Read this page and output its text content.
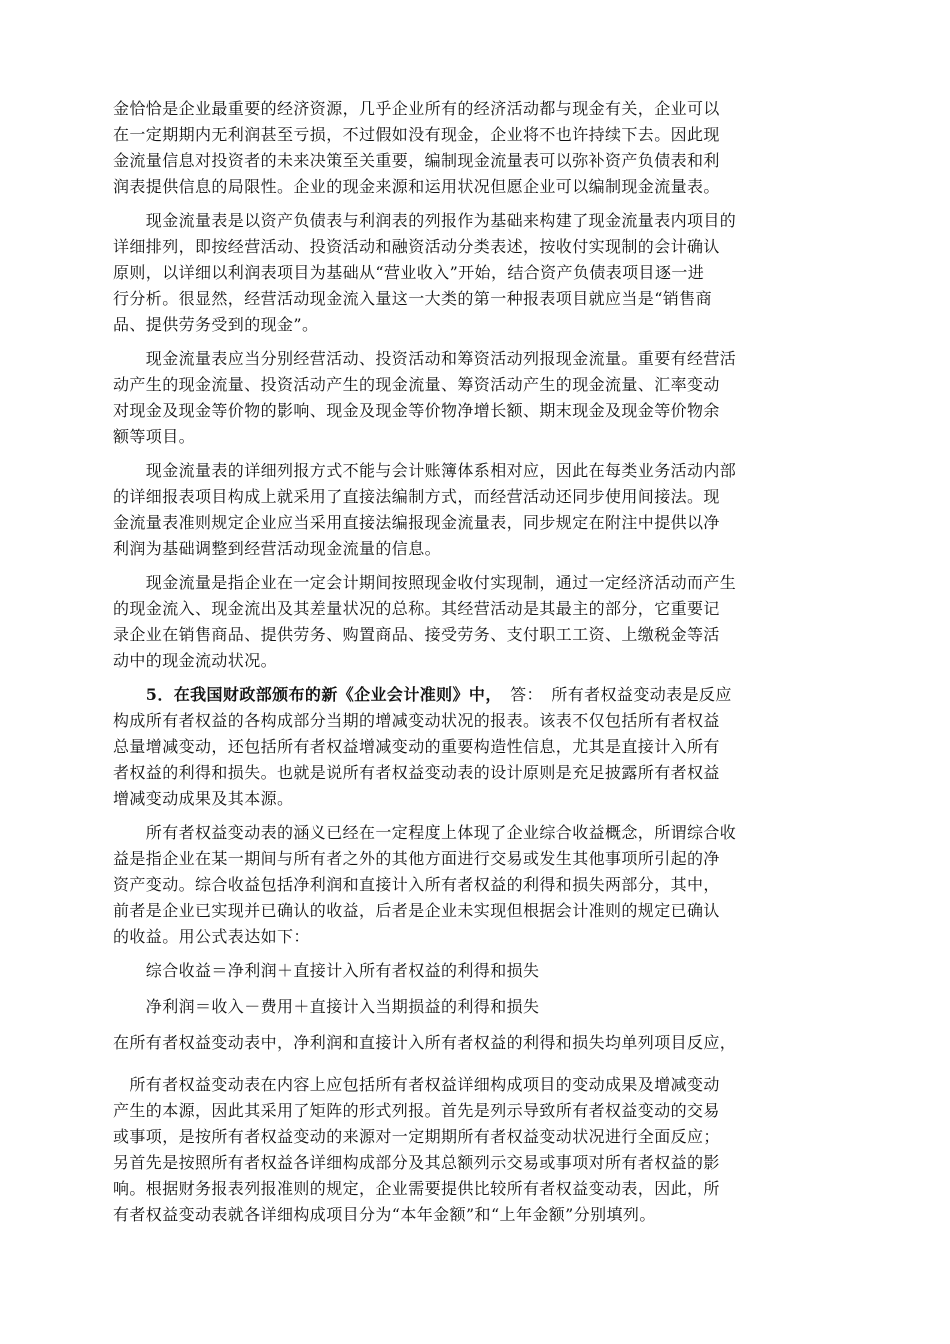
金恰恰是企业最重要的经济资源，几乎企业所有的经济活动都与现金有关，企业可以
在一定期期内无利润甚至亏损，不过假如没有现金，企业将不也许持续下去。因此现
金流量信息对投资者的未来决策至关重要，编制现金流量表可以弥补资产负债表和利
润表提供信息的局限性。企业的现金来源和运用状况但愿企业可以编制现金流量表。
　　现金流量表是以资产负债表与利润表的列报作为基础来构建了现金流量表内项目的
详细排列，即按经营活动、投资活动和融资活动分类表述，按收付实现制的会计确认
原则，以详细以利润表项目为基础从“营业收入”开始，结合资产负债表项目逐一进
行分析。很显然，经营活动现金流入量这一大类的第一种报表项目就应当是“销售商
品、提供劳务受到的现金”。
　　现金流量表应当分别经营活动、投资活动和筹资活动列报现金流量。重要有经营活
动产生的现金流量、投资活动产生的现金流量、筹资活动产生的现金流量、汇率变动
对现金及现金等价物的影响、现金及现金等价物净增长额、期末现金及现金等价物余
额等项目。
　　现金流量表的详细列报方式不能与会计账簿体系相对应，因此在每类业务活动内部
的详细报表项目构成上就采用了直接法编制方式，而经营活动还同步使用间接法。现
金流量表准则规定企业应当采用直接法编报现金流量表，同步规定在附注中提供以净
利润为基础调整到经营活动现金流量的信息。
　　现金流量是指企业在一定会计期间按照现金收付实现制，通过一定经济活动而产生
的现金流入、现金流出及其差量状况的总称。其经营活动是其最主的部分，它重要记
录企业在销售商品、提供劳务、购置商品、接受劳务、支付职工工资、上缴税金等活
动中的现金流动状况。
　　5．在我国财政部颁布的新《企业会计准则》中，　答：　所有者权益变动表是反应
构成所有者权益的各构成部分当期的增减变动状况的报表。该表不仅包括所有者权益
总量增减变动，还包括所有者权益增减变动的重要构造性信息，尤其是直接计入所有
者权益的利得和损失。也就是说所有者权益变动表的设计原则是充足披露所有者权益
增减变动成果及其本源。
　　所有者权益变动表的涵义已经在一定程度上体现了企业综合收益概念，所谓综合收
益是指企业在某一期间与所有者之外的其他方面进行交易或发生其他事项所引起的净
资产变动。综合收益包括净利润和直接计入所有者权益的利得和损失两部分，其中，
前者是企业已实现并已确认的收益，后者是企业未实现但根据会计准则的规定已确认
的收益。用公式表达如下：
　　综合收益＝净利润＋直接计入所有者权益的利得和损失
　　净利润＝收入－费用＋直接计入当期损益的利得和损失
在所有者权益变动表中，净利润和直接计入所有者权益的利得和损失均单列项目反应，
　所有者权益变动表在内容上应包括所有者权益详细构成项目的变动成果及增减变动
产生的本源，因此其采用了矩阵的形式列报。首先是列示导致所有者权益变动的交易
或事项，是按所有者权益变动的来源对一定期期所有者权益变动状况进行全面反应；
另首先是按照所有者权益各详细构成部分及其总额列示交易或事项对所有者权益的影
响。根据财务报表列报准则的规定，企业需要提供比较所有者权益变动表，因此，所
有者权益变动表就各详细构成项目分为“本年金额”和“上年金额”分别填列。
